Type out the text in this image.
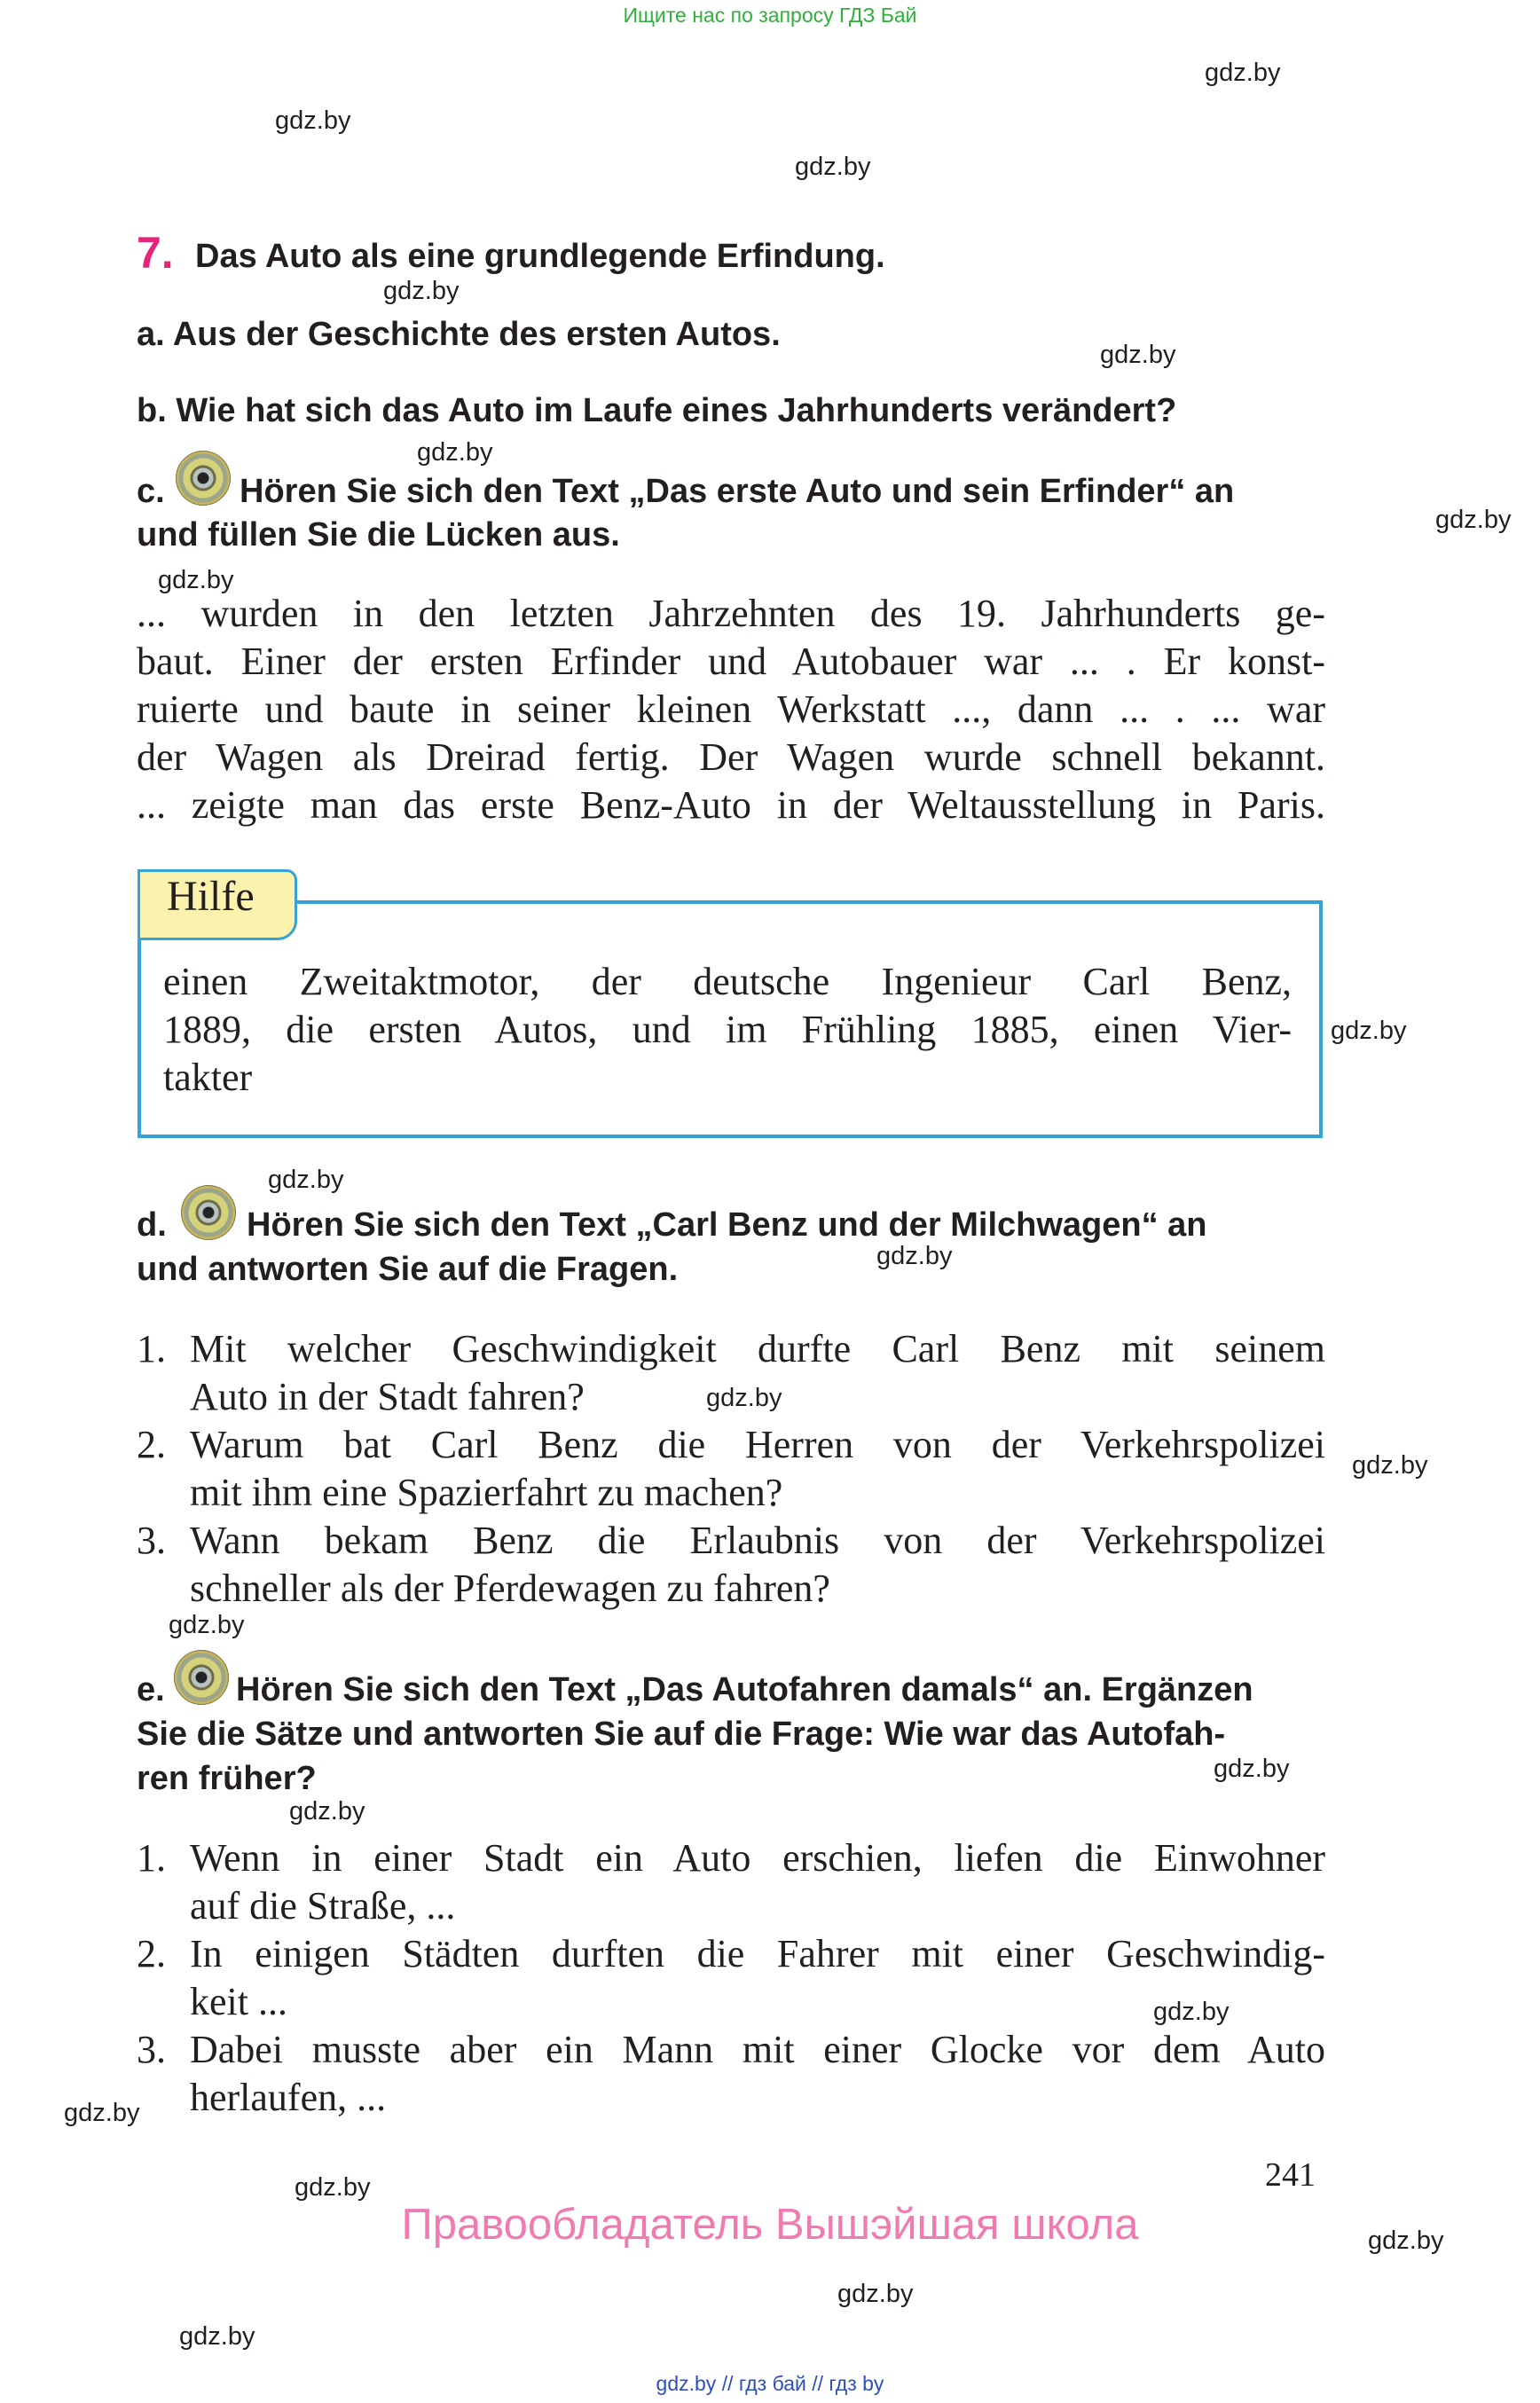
Ищите нас по запросу ГДЗ Бай
gdz.by
gdz.by
gdz.by
gdz.by
gdz.by
gdz.by
gdz.by
gdz.by
gdz.by
gdz.by
gdz.by
gdz.by
gdz.by
gdz.by
gdz.by
gdz.by
gdz.by
gdz.by
gdz.by
gdz.by
gdz.by
gdz.by
7. Das Auto als eine grundlegende Erfindung.
a. Aus der Geschichte des ersten Autos.
b. Wie hat sich das Auto im Laufe eines Jahrhunderts verändert?
c. Hören Sie sich den Text „Das erste Auto und sein Erfinder“ an
und füllen Sie die Lücken aus.
... wurden in den letzten Jahrzehnten des 19. Jahrhunderts ge-
baut. Einer der ersten Erfinder und Autobauer war ... . Er konst-
ruierte und baute in seiner kleinen Werkstatt ..., dann ... . ... war
der Wagen als Dreirad fertig. Der Wagen wurde schnell bekannt.
... zeigte man das erste Benz-Auto in der Weltausstellung in Paris.
Hilfe
einen Zweitaktmotor, der deutsche Ingenieur Carl Benz,
1889, die ersten Autos, und im Frühling 1885, einen Vier-
takter
d. Hören Sie sich den Text „Carl Benz und der Milchwagen“ an
und antworten Sie auf die Fragen.
1. Mit welcher Geschwindigkeit durfte Carl Benz mit seinem
Auto in der Stadt fahren?
2. Warum bat Carl Benz die Herren von der Verkehrspolizei
mit ihm eine Spazierfahrt zu machen?
3. Wann bekam Benz die Erlaubnis von der Verkehrspolizei
schneller als der Pferdewagen zu fahren?
e. Hören Sie sich den Text „Das Autofahren damals“ an. Ergänzen
Sie die Sätze und antworten Sie auf die Frage: Wie war das Autofah-
ren früher?
1. Wenn in einer Stadt ein Auto erschien, liefen die Einwohner
auf die Straße, ...
2. In einigen Städten durften die Fahrer mit einer Geschwindig-
keit ...
3. Dabei musste aber ein Mann mit einer Glocke vor dem Auto
herlaufen, ...
241
Правообладатель Вышэйшая школа
gdz.by // гдз бай // гдз by
